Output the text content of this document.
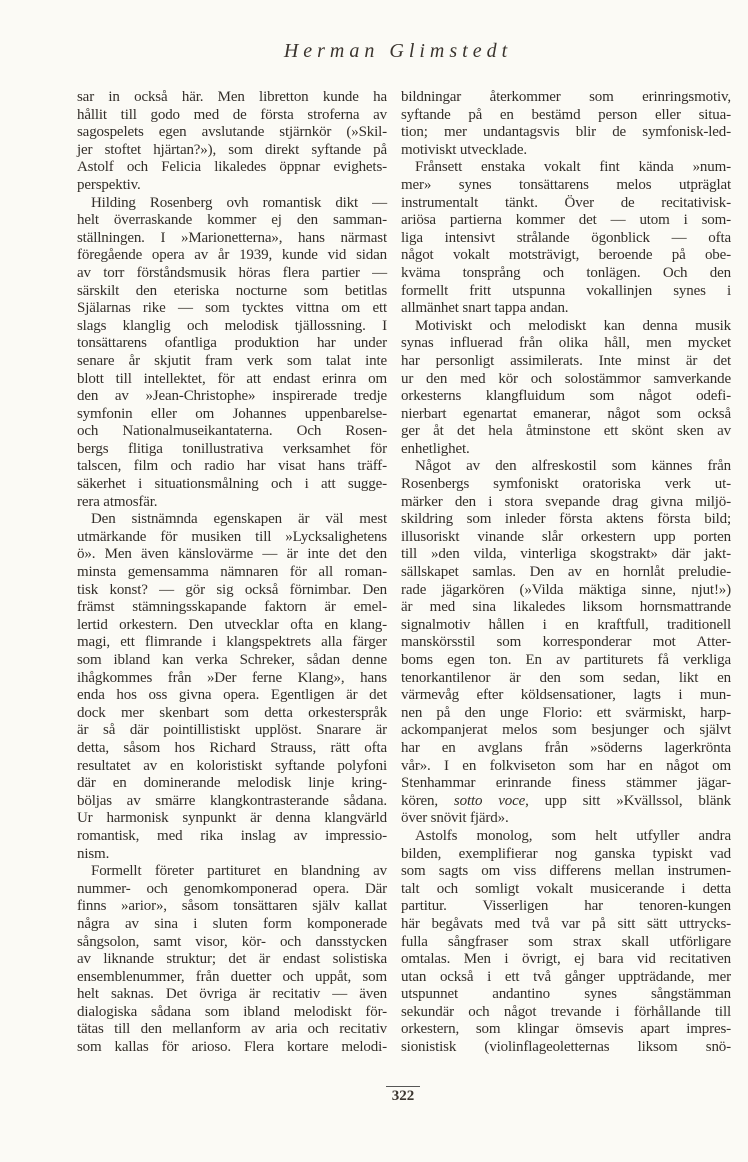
Herman Glimstedt
sar in också här. Men libretton kunde ha
hållit till godo med de första stroferna av
sagospelets egen avslutande stjärnkör (»Skil-
jer stoftet hjärtan?»), som direkt syftande på
Astolf och Felicia likaledes öppnar evighets-
perspektiv.
Hilding Rosenberg ovh romantisk dikt —
helt överraskande kommer ej den samman-
ställningen. I »Marionetterna», hans närmast
föregående opera av år 1939, kunde vid sidan
av torr förståndsmusik höras flera partier —
särskilt den eteriska nocturne som betitlas
Själarnas rike — som tycktes vittna om ett
slags klanglig och melodisk tjällossning. I
tonsättarens ofantliga produktion har under
senare år skjutit fram verk som talat inte
blott till intellektet, för att endast erinra om
den av »Jean-Christophe» inspirerade tredje
symfonin eller om Johannes uppenbarelse-
och Nationalmuseikantaterna. Och Rosen-
bergs flitiga tonillustrativa verksamhet för
talscen, film och radio har visat hans träff-
säkerhet i situationsmålning och i att sugge-
rera atmosfär.
Den sistnämnda egenskapen är väl mest
utmärkande för musiken till »Lycksalighetens
ö». Men även känslovärme — är inte det den
minsta gemensamma nämnaren för all roman-
tisk konst? — gör sig också förnimbar. Den
främst stämningsskapande faktorn är emel-
lertid orkestern. Den utvecklar ofta en klang-
magi, ett flimrande i klangspektrets alla färger
som ibland kan verka Schreker, sådan denne
ihågkommes från »Der ferne Klang», hans
enda hos oss givna opera. Egentligen är det
dock mer skenbart som detta orkesterspråk
är så där pointillistiskt upplöst. Snarare är
detta, såsom hos Richard Strauss, rätt ofta
resultatet av en koloristiskt syftande polyfoni
där en dominerande melodisk linje kring-
böljas av smärre klangkontrasterande sådana.
Ur harmonisk synpunkt är denna klangvärld
romantisk, med rika inslag av impressio-
nism.
Formellt företer partituret en blandning av
nummer- och genomkomponerad opera. Där
finns »arior», såsom tonsättaren själv kallat
några av sina i sluten form komponerade
sångsolon, samt visor, kör- och dansstycken
av liknande struktur; det är endast solistiska
ensemblenummer, från duetter och uppåt, som
helt saknas. Det övriga är recitativ — även
dialogiska sådana som ibland melodiskt för-
tätas till den mellanform av aria och recitativ
som kallas för arioso. Flera kortare melodi-
bildningar återkommer som erinringsmotiv,
syftande på en bestämd person eller situa-
tion; mer undantagsvis blir de symfonisk-led-
motiviskt utvecklade.
Frånsett enstaka vokalt fint kända »num-
mer» synes tonsättarens melos utpräglat
instrumentalt tänkt. Över de recitativisk-
ariösa partierna kommer det — utom i som-
liga intensivt strålande ögonblick — ofta
något vokalt motsträvigt, beroende på obe-
kväma tonsprång och tonlägen. Och den
formellt fritt utspunna vokallinjen synes i
allmänhet snart tappa andan.
Motiviskt och melodiskt kan denna musik
synas influerad från olika håll, men mycket
har personligt assimilerats. Inte minst är det
ur den med kör och solostämmor samverkande
orkesterns klangfluidum som något odefi-
nierbart egenartat emanerar, något som också
ger åt det hela åtminstone ett skönt sken av
enhetlighet.
Något av den alfreskostil som kännes från
Rosenbergs symfoniskt oratoriska verk ut-
märker den i stora svepande drag givna miljö-
skildring som inleder första aktens första bild;
illusoriskt vinande slår orkestern upp porten
till »den vilda, vinterliga skogstrakt» där jakt-
sällskapet samlas. Den av en hornlåt preludie-
rade jägarkören (»Vilda mäktiga sinne, njut!»)
är med sina likaledes liksom hornsmattrande
signalmotiv hållen i en kraftfull, traditionell
manskörsstil som korresponderar mot Atter-
boms egen ton. En av partiturets få verkliga
tenorkantilenor är den som sedan, likt en
värmevåg efter köldsensationer, lagts i mun-
nen på den unge Florio: ett svärmiskt, harp-
ackompanjerat melos som besjunger och självt
har en avglans från »söderns lagerkrönta
vår». I en folkviseton som har en något om
Stenhammar erinrande finess stämmer jägar-
kören, sotto voce, upp sitt »Kvällssol, blänk
över snövit fjärd».
Astolfs monolog, som helt utfyller andra
bilden, exemplifierar nog ganska typiskt vad
som sagts om viss differens mellan instrumen-
talt och somligt vokalt musicerande i detta
partitur. Visserligen har tenoren-kungen
här begåvats med två var på sitt sätt uttrycks-
fulla sångfraser som strax skall utförligare
omtalas. Men i övrigt, ej bara vid recitativen
utan också i ett två gånger uppträdande, mer
utspunnet andantino synes sångstämman
sekundär och något trevande i förhållande till
orkestern, som klingar ömsevis apart impres-
sionistisk (violinflageoletternas liksom snö-
322
